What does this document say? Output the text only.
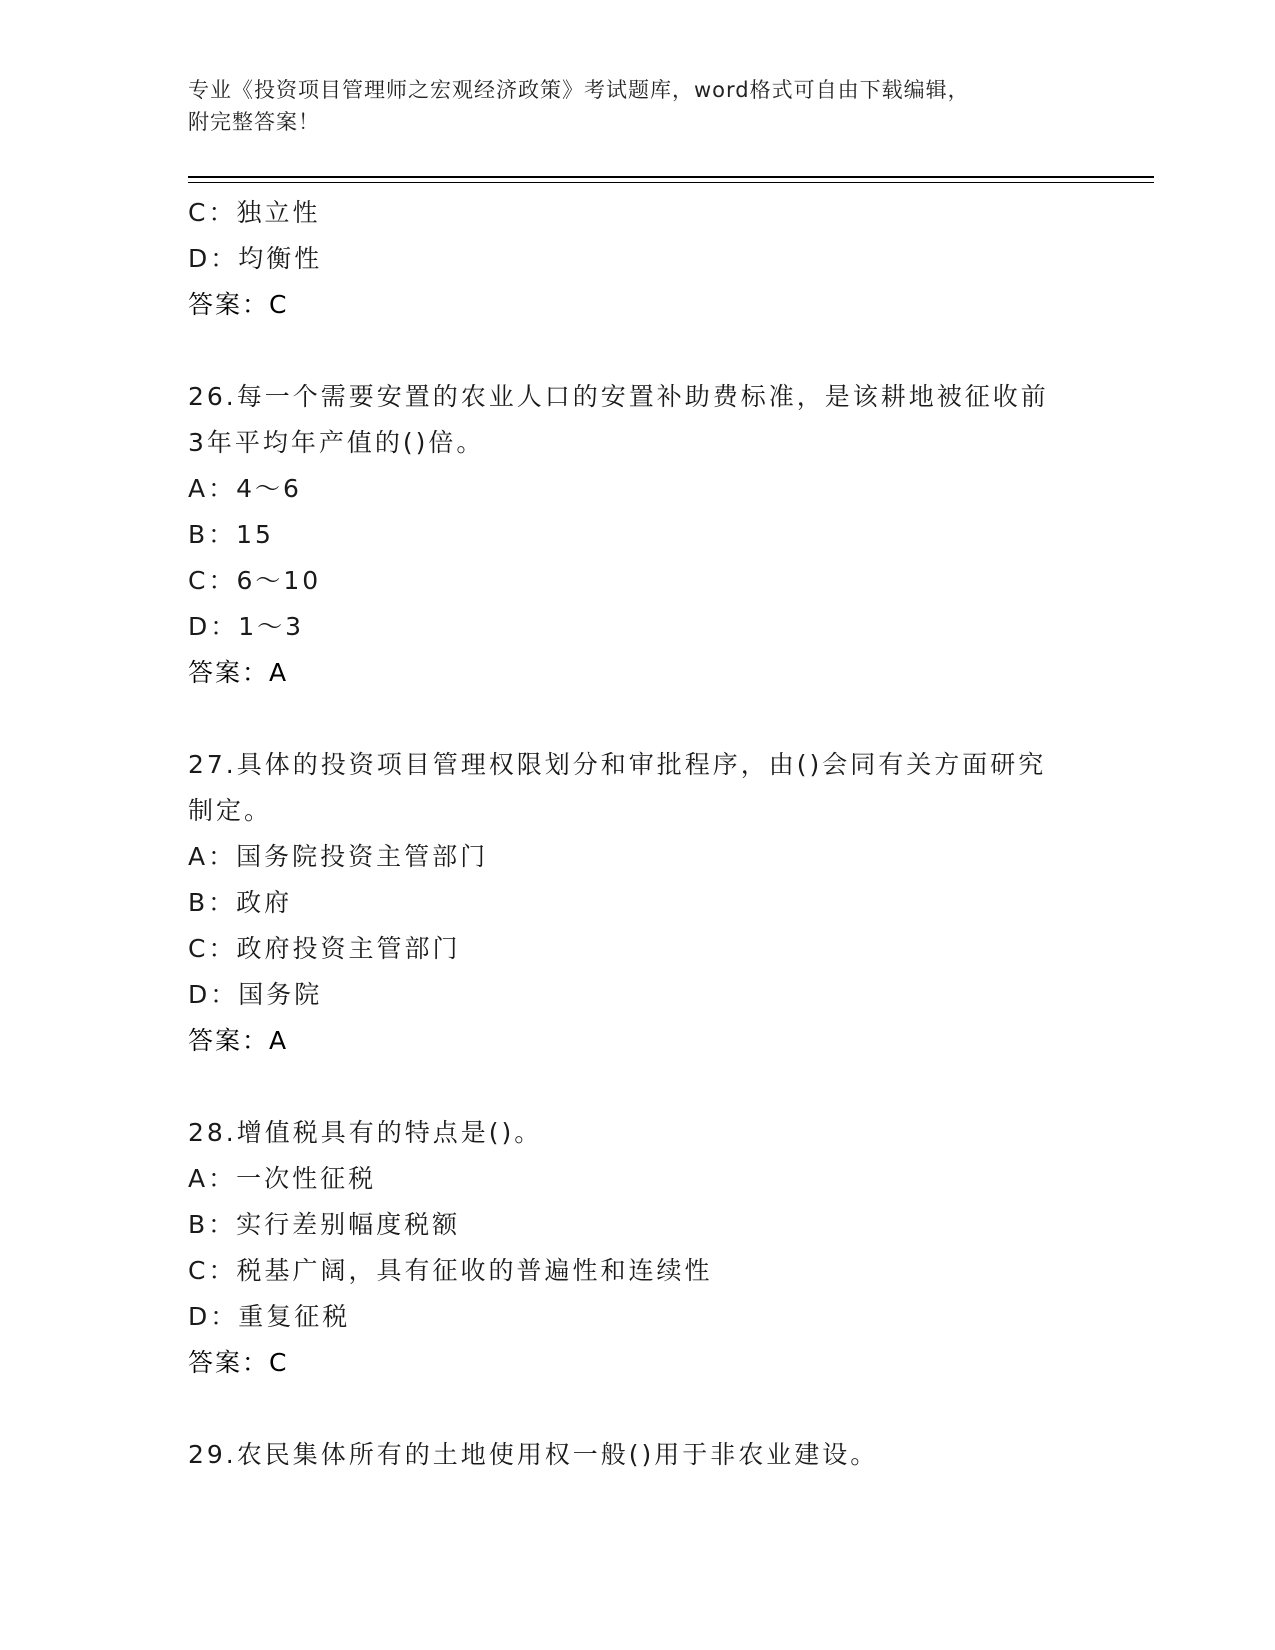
专业《投资项目管理师之宏观经济政策》考试题库，word格式可自由下载编辑，
附完整答案！
C：独立性
D：均衡性
答案：C
26.每一个需要安置的农业人口的安置补助费标准，是该耕地被征收前
3年平均年产值的()倍。
A：4～6
B：15
C：6～10
D：1～3
答案：A
27.具体的投资项目管理权限划分和审批程序，由()会同有关方面研究
制定。
A：国务院投资主管部门
B：政府
C：政府投资主管部门
D：国务院
答案：A
28.增值税具有的特点是()。
A：一次性征税
B：实行差别幅度税额
C：税基广阔，具有征收的普遍性和连续性
D：重复征税
答案：C
29.农民集体所有的土地使用权一般()用于非农业建设。
